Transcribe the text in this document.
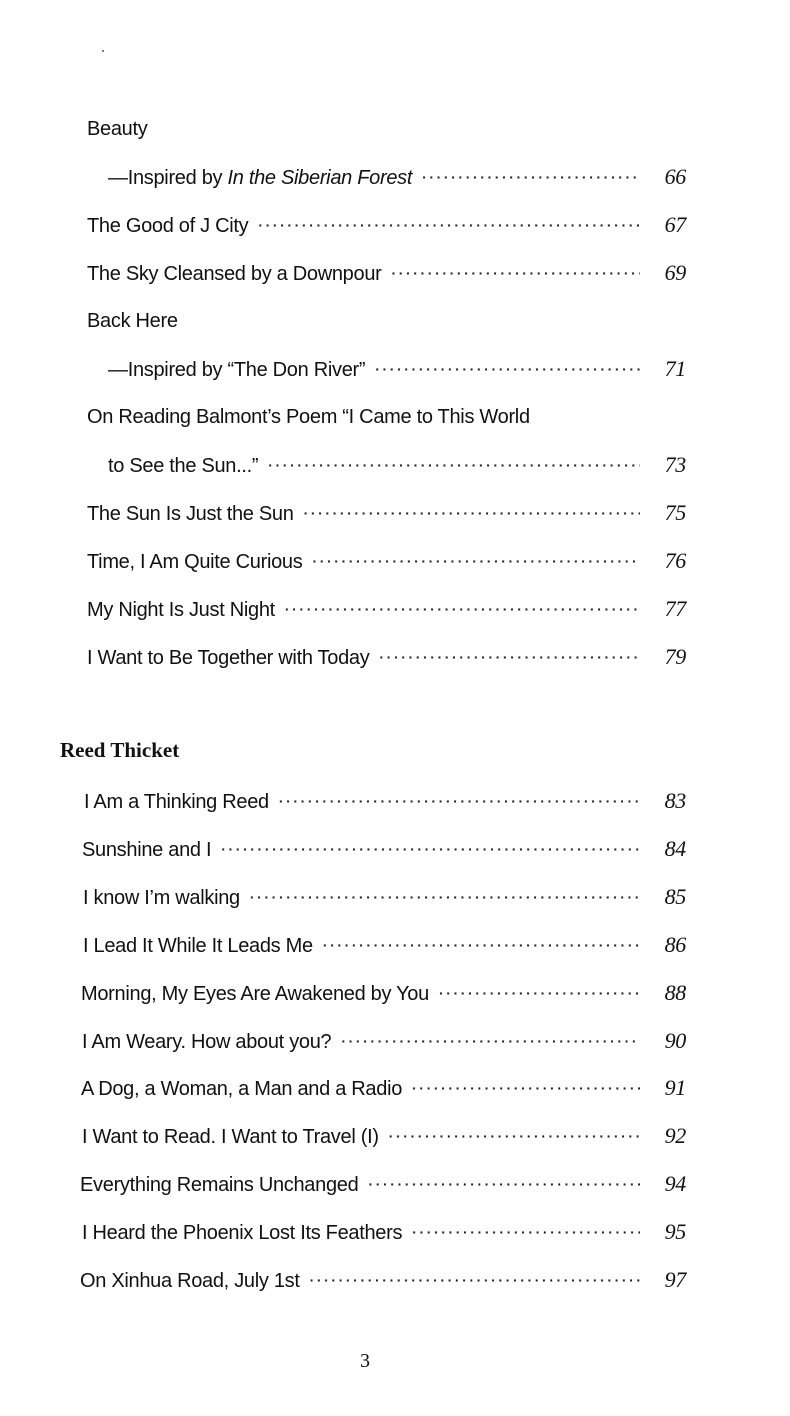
Beauty
—Inspired by In the Siberian Forest ·····	66
The Good of J City ·····	67
The Sky Cleansed by a Downpour ·····	69
Back Here
—Inspired by “The Don River” ·····	71
On Reading Balmont’s Poem “I Came to This World
to See the Sun...” ·····	73
The Sun Is Just the Sun ·····	75
Time, I Am Quite Curious ·····	76
My Night Is Just Night ·····	77
I Want to Be Together with Today ·····	79
Reed Thicket
I Am a Thinking Reed ·····	83
Sunshine and I ·····	84
I know I’m walking ·····	85
I Lead It While It Leads Me ·····	86
Morning, My Eyes Are Awakened by You ·····	88
I Am Weary. How about you? ·····	90
A Dog, a Woman, a Man and a Radio ·····	91
I Want to Read. I Want to Travel (I) ·····	92
Everything Remains Unchanged ·····	94
I Heard the Phoenix Lost Its Feathers ·····	95
On Xinhua Road, July 1st ·····	97
3
